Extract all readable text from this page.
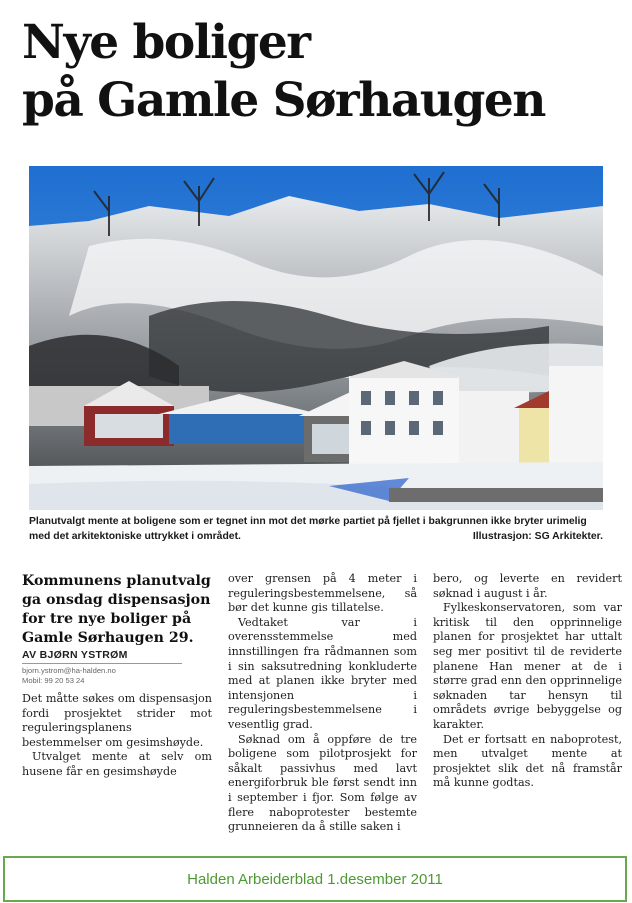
Nye boliger
på Gamle Sørhaugen
Planutvalgt mente at boligene som er tegnet inn mot det mørke partiet på fjellet i bakgrunnen ikke bryter urimelig med det arkitektoniske uttrykket i området.	Illustrasjon: SG Arkitekter.

Kommunens planutvalg ga onsdag dispensasjon for tre nye boliger på Gamle Sørhaugen 29.

AV BJØRN YSTRØM
bjorn.ystrom@ha-halden.no
Mobil: 99 20 53 24

Det måtte søkes om dispensasjon fordi prosjektet strider mot reguleringsplanens bestemmelser om gesimshøyde.

Utvalget mente at selv om husene får en gesimshøyde

over grensen på 4 meter i reguleringsbestemmelsene, så bør det kunne gis tillatelse.

Vedtaket var i overensstemmelse med innstillingen fra rådmannen som i sin saksutredning konkluderte med at planen ikke bryter med intensjonen i reguleringsbestemmelsene i vesentlig grad.

Søknad om å oppføre de tre boligene som pilotprosjekt for såkalt passivhus med lavt energiforbruk ble først sendt inn i september i fjor. Som følge av flere naboprotester bestemte grunneieren da å stille saken i

bero, og leverte en revidert søknad i august i år.

Fylkeskonservatoren, som var kritisk til den opprinnelige planen for prosjektet har uttalt seg mer positivt til de reviderte planene Han mener at de i større grad enn den opprinnelige søknaden tar hensyn til områdets øvrige bebyggelse og karakter.

Det er fortsatt en naboprotest, men utvalget mente at prosjektet slik det nå framstår må kunne godtas.

Halden Arbeiderblad 1.desember 2011
